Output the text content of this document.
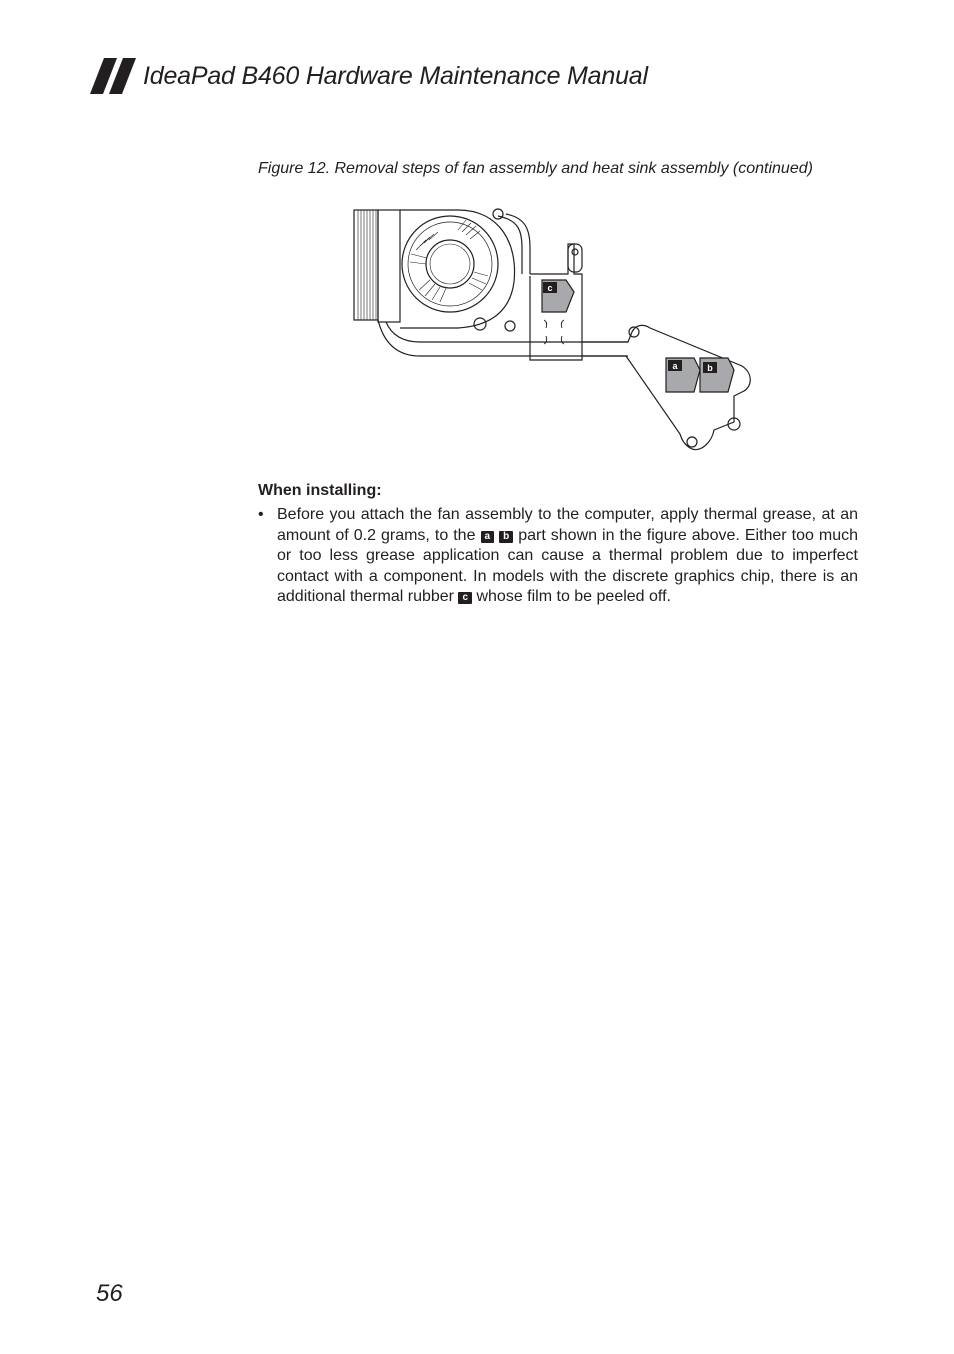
IdeaPad B460 Hardware Maintenance Manual
Figure 12. Removal steps of fan assembly and heat sink assembly (continued)
c
a	b
When installing:
• Before you attach the fan assembly to the computer, apply thermal grease, at an amount of 0.2 grams, to the a b part shown in the figure above. Either too much or too less grease application can cause a thermal problem due to imperfect contact with a component. In models with the discrete graphics chip, there is an additional thermal rubber c whose film to be peeled off.
56
